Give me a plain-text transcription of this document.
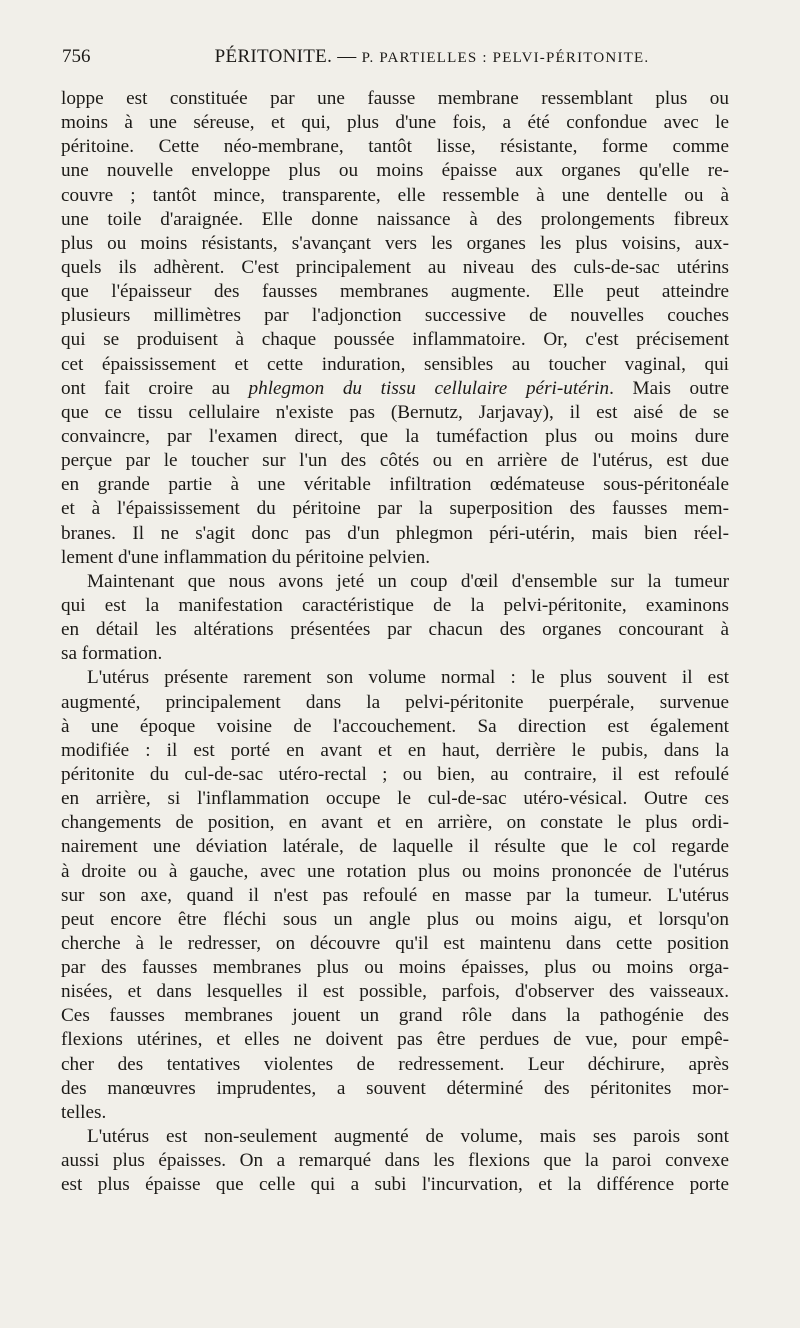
756	PÉRITONITE. — P. PARTIELLES : PELVI-PÉRITONITE.
loppe est constituée par une fausse membrane ressemblant plus ou
moins à une séreuse, et qui, plus d'une fois, a été confondue avec le
péritoine. Cette néo-membrane, tantôt lisse, résistante, forme comme
une nouvelle enveloppe plus ou moins épaisse aux organes qu'elle re-
couvre ; tantôt mince, transparente, elle ressemble à une dentelle ou à
une toile d'araignée. Elle donne naissance à des prolongements fibreux
plus ou moins résistants, s'avançant vers les organes les plus voisins, aux-
quels ils adhèrent. C'est principalement au niveau des culs-de-sac utérins
que l'épaisseur des fausses membranes augmente. Elle peut atteindre
plusieurs millimètres par l'adjonction successive de nouvelles couches
qui se produisent à chaque poussée inflammatoire. Or, c'est précisement
cet épaississement et cette induration, sensibles au toucher vaginal, qui
ont fait croire au phlegmon du tissu cellulaire péri-utérin. Mais outre
que ce tissu cellulaire n'existe pas (Bernutz, Jarjavay), il est aisé de se
convaincre, par l'examen direct, que la tuméfaction plus ou moins dure
perçue par le toucher sur l'un des côtés ou en arrière de l'utérus, est due
en grande partie à une véritable infiltration œdémateuse sous-péritonéale
et à l'épaississement du péritoine par la superposition des fausses mem-
branes. Il ne s'agit donc pas d'un phlegmon péri-utérin, mais bien réel-
lement d'une inflammation du péritoine pelvien.
Maintenant que nous avons jeté un coup d'œil d'ensemble sur la tumeur
qui est la manifestation caractéristique de la pelvi-péritonite, examinons
en détail les altérations présentées par chacun des organes concourant à
sa formation.
L'utérus présente rarement son volume normal : le plus souvent il est
augmenté, principalement dans la pelvi-péritonite puerpérale, survenue
à une époque voisine de l'accouchement. Sa direction est également
modifiée : il est porté en avant et en haut, derrière le pubis, dans la
péritonite du cul-de-sac utéro-rectal ; ou bien, au contraire, il est refoulé
en arrière, si l'inflammation occupe le cul-de-sac utéro-vésical. Outre ces
changements de position, en avant et en arrière, on constate le plus ordi-
nairement une déviation latérale, de laquelle il résulte que le col regarde
à droite ou à gauche, avec une rotation plus ou moins prononcée de l'utérus
sur son axe, quand il n'est pas refoulé en masse par la tumeur. L'utérus
peut encore être fléchi sous un angle plus ou moins aigu, et lorsqu'on
cherche à le redresser, on découvre qu'il est maintenu dans cette position
par des fausses membranes plus ou moins épaisses, plus ou moins orga-
nisées, et dans lesquelles il est possible, parfois, d'observer des vaisseaux.
Ces fausses membranes jouent un grand rôle dans la pathogénie des
flexions utérines, et elles ne doivent pas être perdues de vue, pour empê-
cher des tentatives violentes de redressement. Leur déchirure, après
des manœuvres imprudentes, a souvent déterminé des péritonites mor-
telles.
L'utérus est non-seulement augmenté de volume, mais ses parois sont
aussi plus épaisses. On a remarqué dans les flexions que la paroi convexe
est plus épaisse que celle qui a subi l'incurvation, et la différence porte
